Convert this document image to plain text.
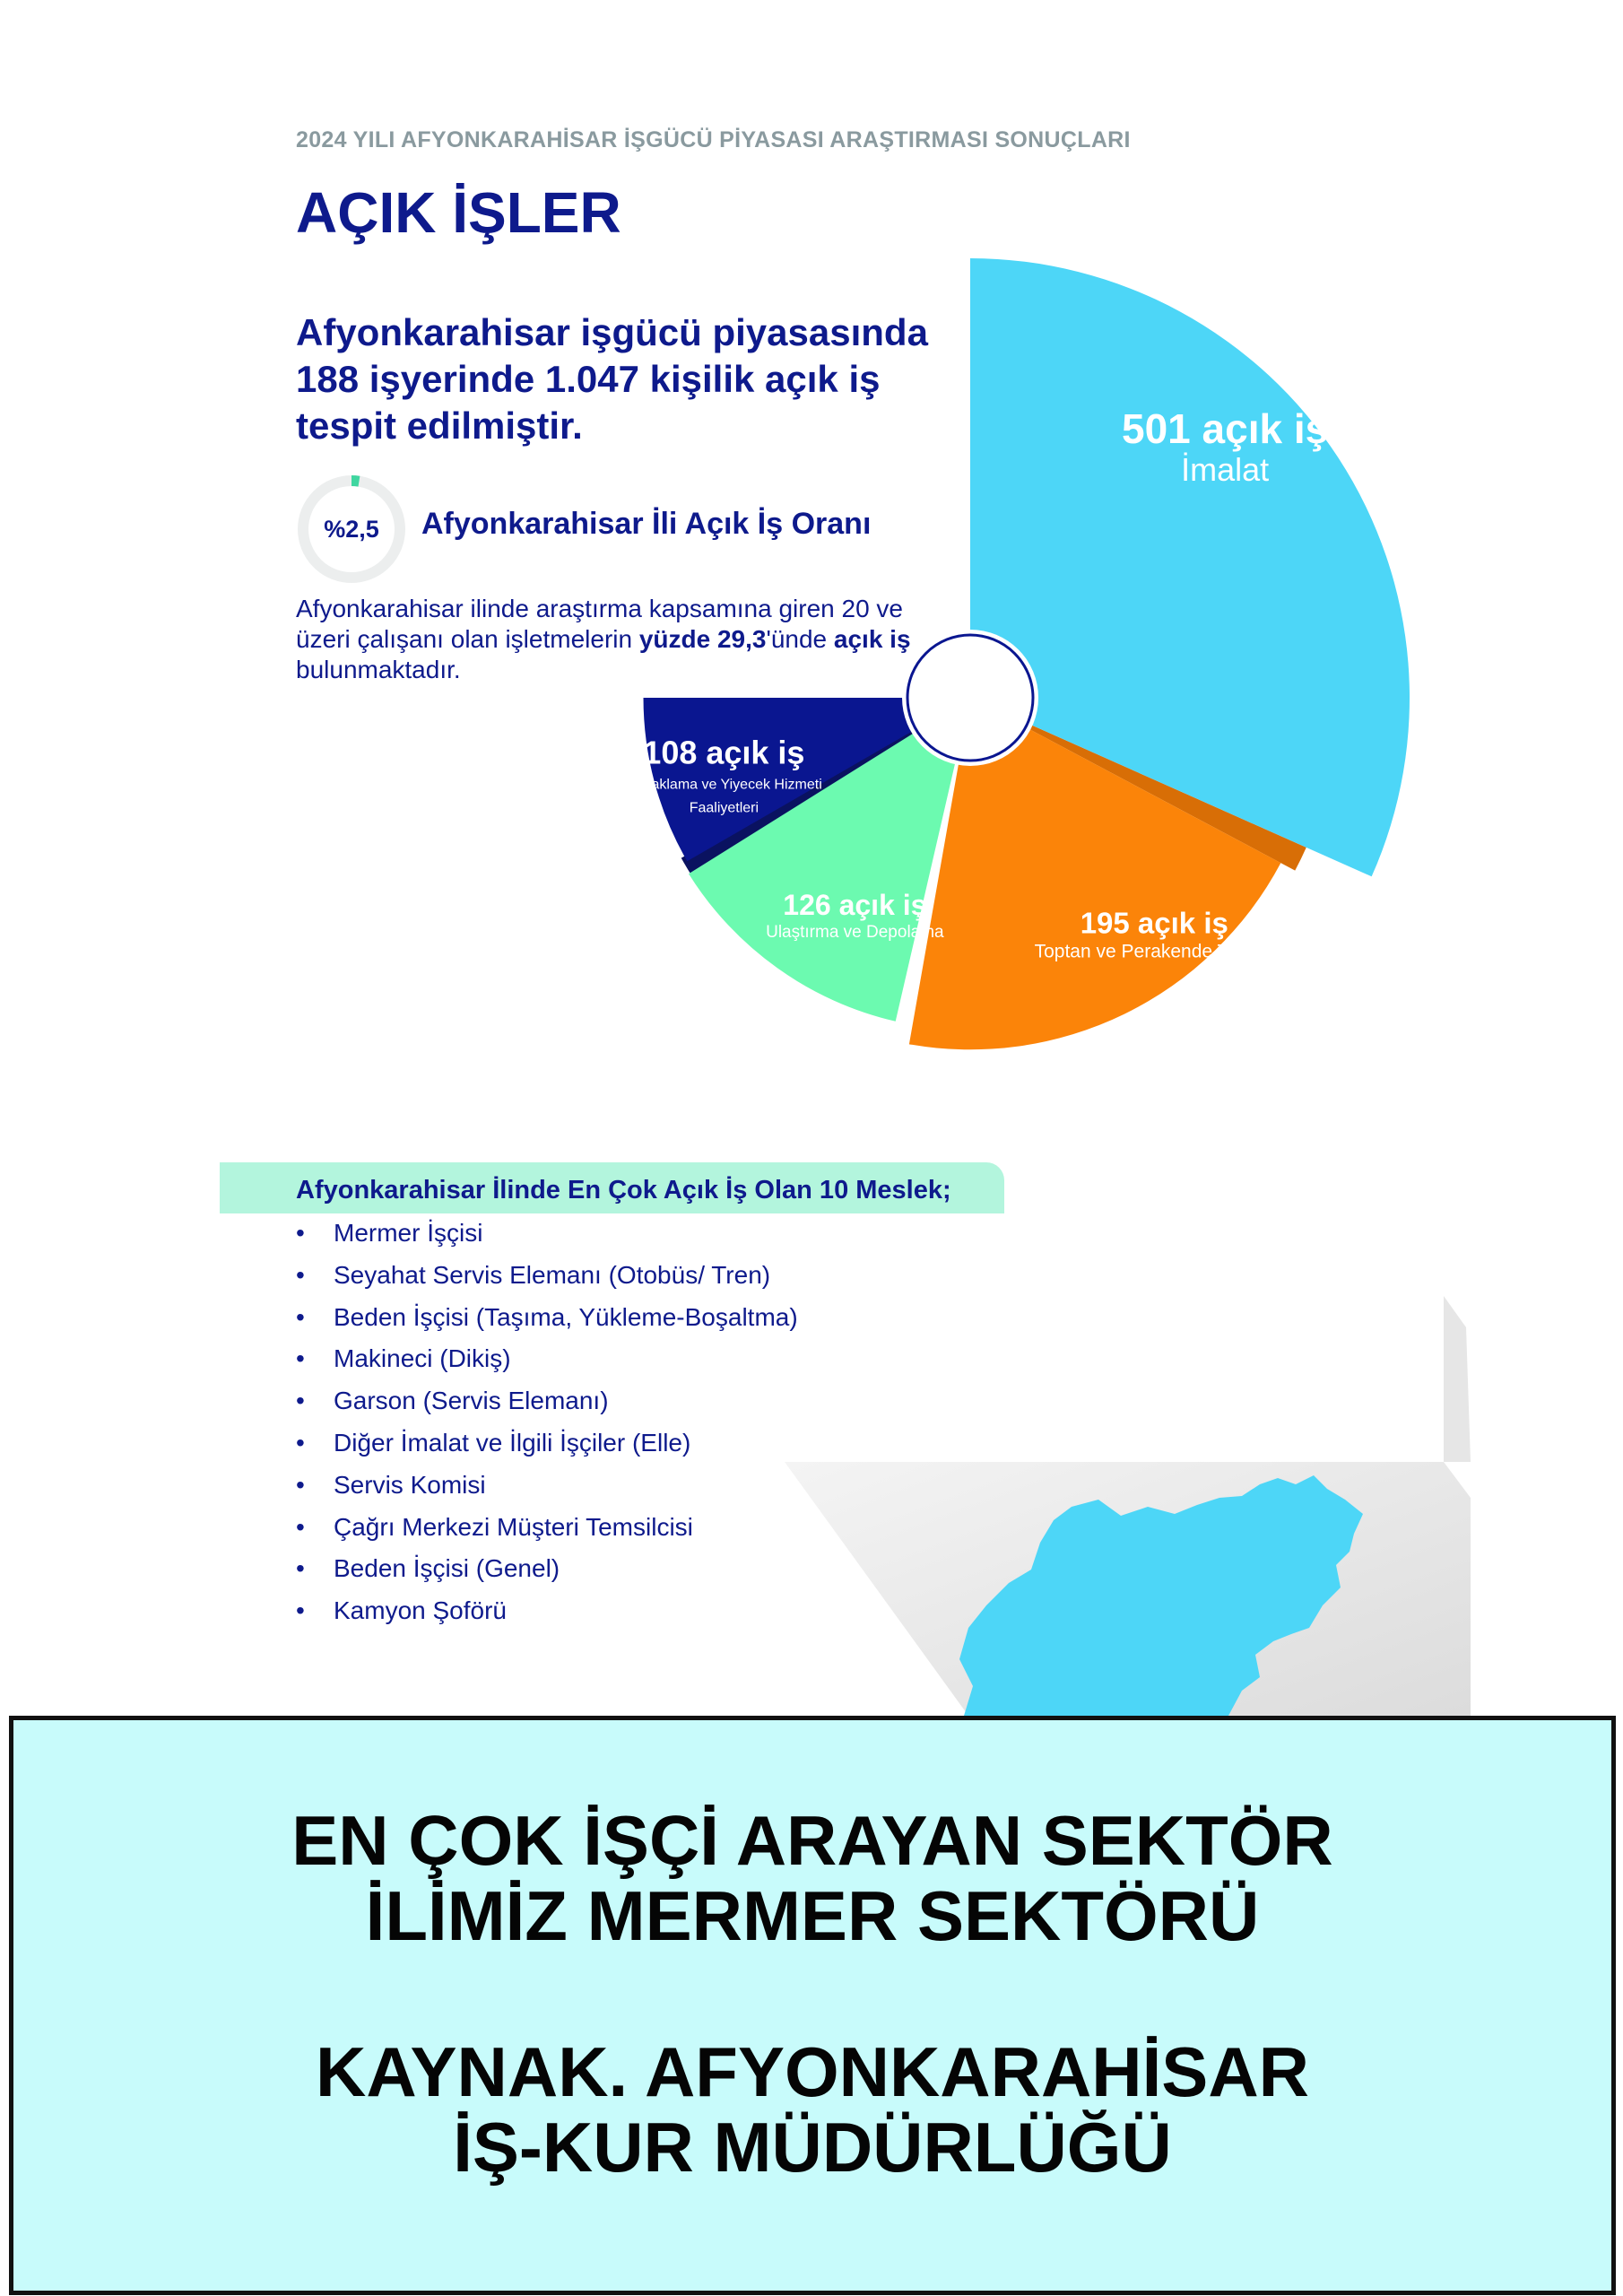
2024 YILI AFYONKARAHİSAR İŞGÜCÜ PİYASASI ARAŞTIRMASI SONUÇLARI
AÇIK İŞLER
Afyonkarahisar işgücü piyasasında 188 işyerinde 1.047 kişilik açık iş tespit edilmiştir.
%2,5	Afyonkarahisar İli Açık İş Oranı
Afyonkarahisar ilinde araştırma kapsamına giren 20 ve üzeri çalışanı olan işletmelerin yüzde 29,3'ünde açık iş bulunmaktadır.
501 açık iş
İmalat
195 açık iş
Toptan ve Perakende Ticaret
126 açık iş
Ulaştırma ve Depolama
108 açık iş
Konaklama ve Yiyecek Hizmeti
Faaliyetleri
Afyonkarahisar İlinde En Çok Açık İş Olan 10 Meslek;
• Mermer İşçisi
• Seyahat Servis Elemanı (Otobüs/ Tren)
• Beden İşçisi (Taşıma, Yükleme-Boşaltma)
• Makineci (Dikiş)
• Garson (Servis Elemanı)
• Diğer İmalat ve İlgili İşçiler (Elle)
• Servis Komisi
• Çağrı Merkezi Müşteri Temsilcisi
• Beden İşçisi (Genel)
• Kamyon Şoförü
EN ÇOK İŞÇİ ARAYAN SEKTÖR
İLİMİZ MERMER SEKTÖRÜ
KAYNAK. AFYONKARAHİSAR
İŞ-KUR MÜDÜRLÜĞÜ
